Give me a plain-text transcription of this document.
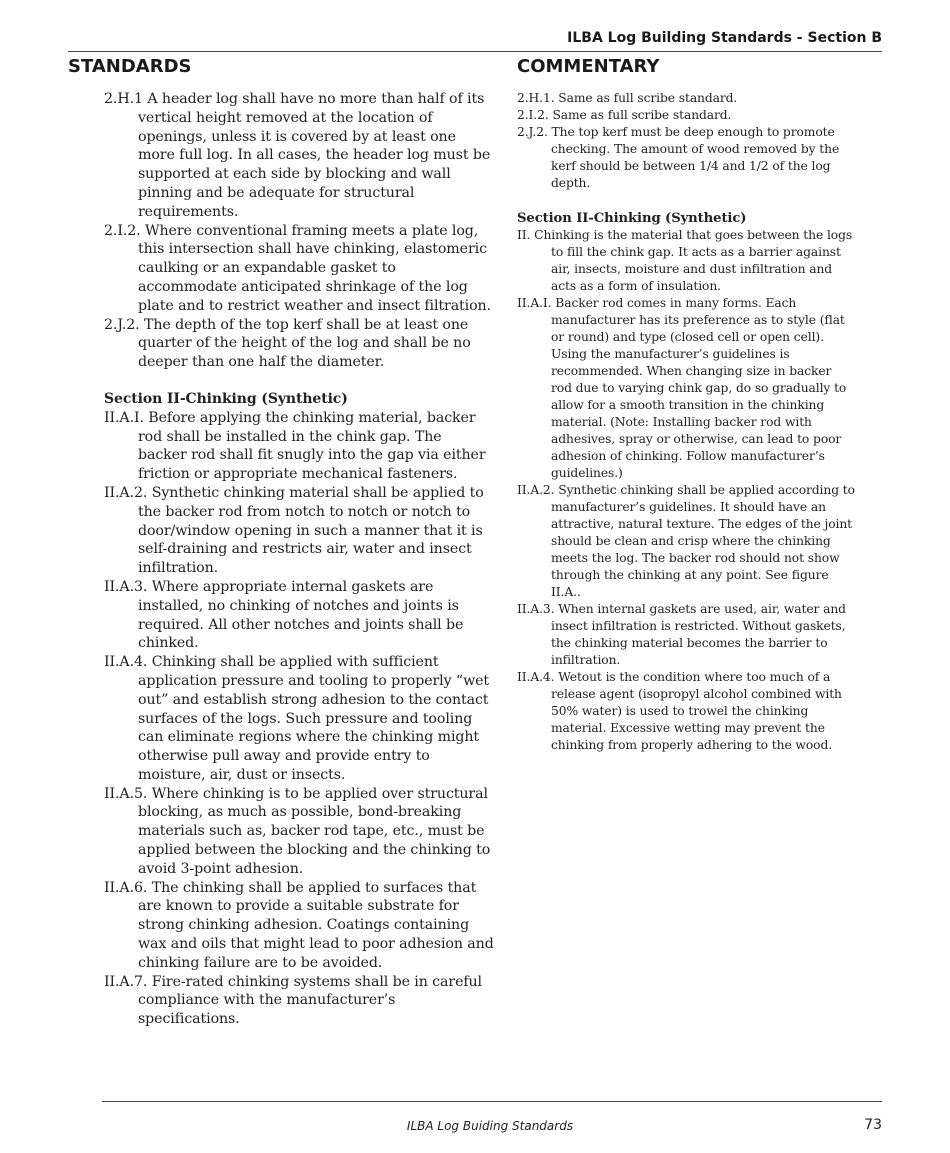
ILBA Log Building Standards - Section B
STANDARDS	COMMENTARY

2.H.1 A header log shall have no more than half of its vertical height removed at the location of openings, unless it is covered by at least one more full log. In all cases, the header log must be supported at each side by blocking and wall pinning and be adequate for structural requirements.

2.I.2. Where conventional framing meets a plate log, this intersection shall have chinking, elastomeric caulking or an expandable gasket to accommodate anticipated shrinkage of the log plate and to restrict weather and insect filtration.

2.J.2. The depth of the top kerf shall be at least one quarter of the height of the log and shall be no deeper than one half the diameter.

Section II-Chinking (Synthetic)

II.A.I. Before applying the chinking material, backer rod shall be installed in the chink gap. The backer rod shall fit snugly into the gap via either friction or appropriate mechanical fasteners.

II.A.2. Synthetic chinking material shall be applied to the backer rod from notch to notch or notch to door/window opening in such a manner that it is self-draining and restricts air, water and insect infiltration.

II.A.3. Where appropriate internal gaskets are installed, no chinking of notches and joints is required. All other notches and joints shall be chinked.

II.A.4. Chinking shall be applied with sufficient application pressure and tooling to properly “wet out” and establish strong adhesion to the contact surfaces of the logs. Such pressure and tooling can eliminate regions where the chinking might otherwise pull away and provide entry to moisture, air, dust or insects.

II.A.5. Where chinking is to be applied over structural blocking, as much as possible, bond-breaking materials such as, backer rod tape, etc., must be applied between the blocking and the chinking to avoid 3-point adhesion.

II.A.6. The chinking shall be applied to surfaces that are known to provide a suitable substrate for strong chinking adhesion. Coatings containing wax and oils that might lead to poor adhesion and chinking failure are to be avoided.

II.A.7. Fire-rated chinking systems shall be in careful compliance with the manufacturer’s specifications.

2.H.1. Same as full scribe standard.

2.I.2. Same as full scribe standard.

2.J.2. The top kerf must be deep enough to promote checking. The amount of wood removed by the kerf should be between 1/4 and 1/2 of the log depth.

Section II-Chinking (Synthetic)

II. Chinking is the material that goes between the logs to fill the chink gap. It acts as a barrier against air, insects, moisture and dust infiltration and acts as a form of insulation.

II.A.I. Backer rod comes in many forms. Each manufacturer has its preference as to style (flat or round) and type (closed cell or open cell). Using the manufacturer’s guidelines is recommended. When changing size in backer rod due to varying chink gap, do so gradually to allow for a smooth transition in the chinking material. (Note: Installing backer rod with adhesives, spray or otherwise, can lead to poor adhesion of chinking. Follow manufacturer’s guidelines.)

II.A.2. Synthetic chinking shall be applied according to manufacturer’s guidelines. It should have an attractive, natural texture. The edges of the joint should be clean and crisp where the chinking meets the log. The backer rod should not show through the chinking at any point. See figure II.A..

II.A.3. When internal gaskets are used, air, water and insect infiltration is restricted. Without gaskets, the chinking material becomes the barrier to infiltration.

II.A.4. Wetout is the condition where too much of a release agent (isopropyl alcohol combined with 50% water) is used to trowel the chinking material. Excessive wetting may prevent the chinking from properly adhering to the wood.

ILBA Log Buiding Standards	73
